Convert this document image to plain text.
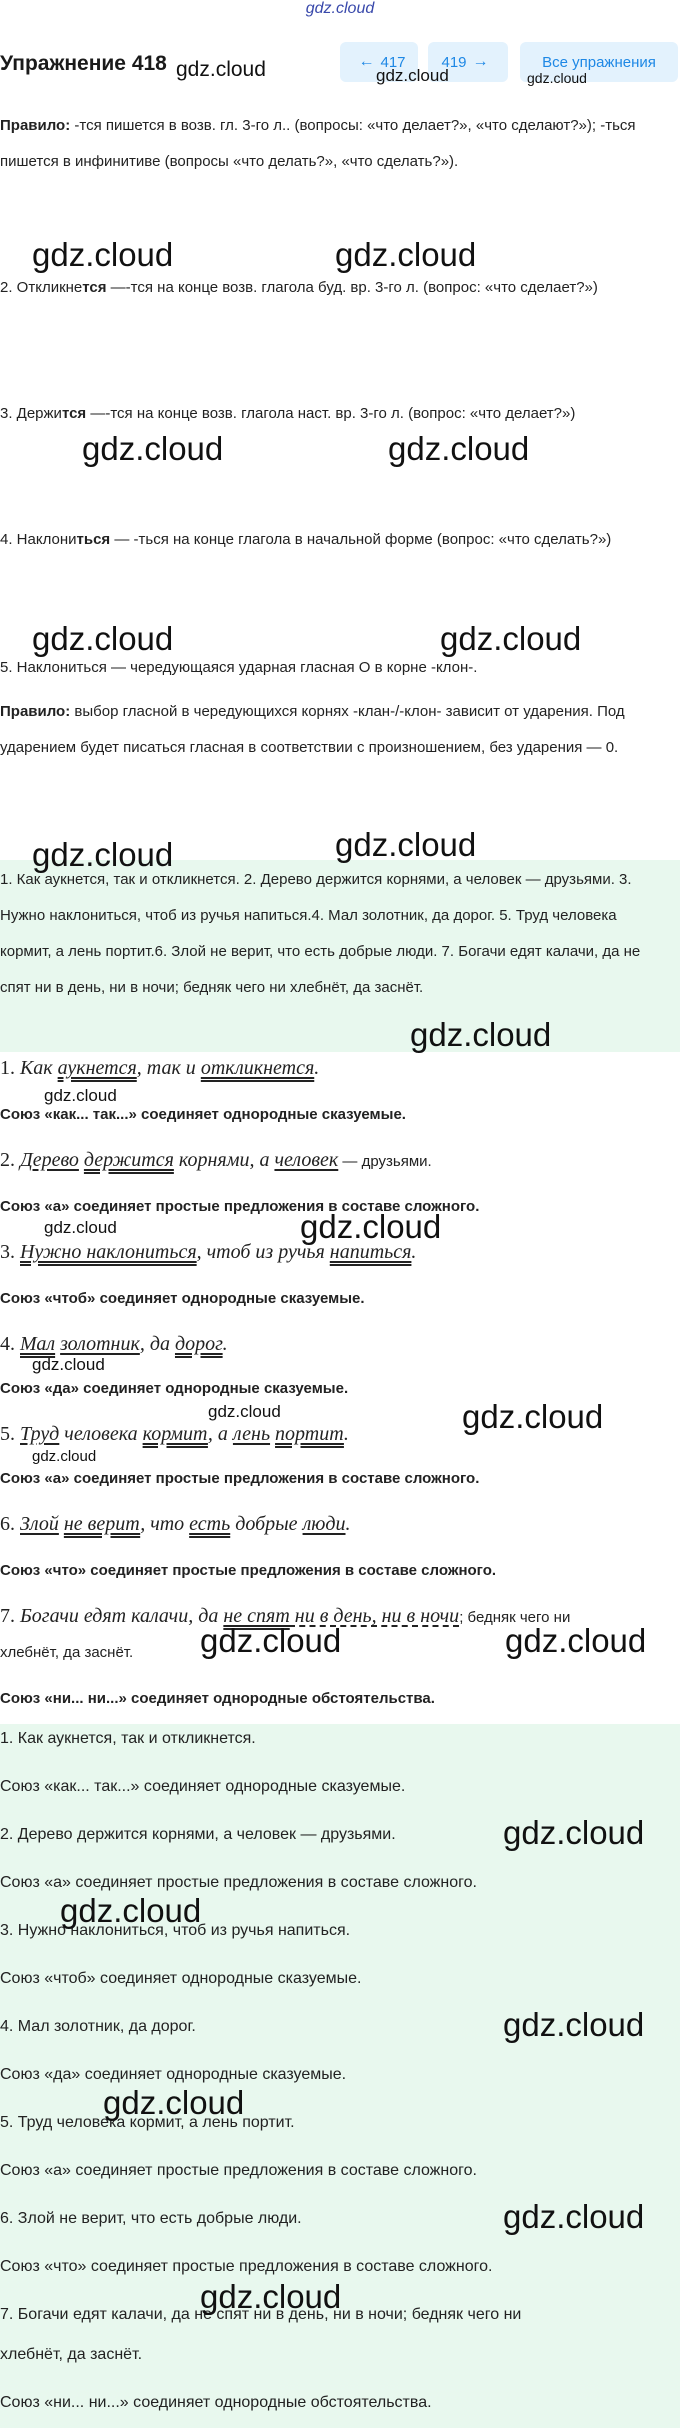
gdz.cloud
Упражнение 418 gdz.cloud	← 417 419 →	Все упражнения
gdz.cloud	gdz.cloud
Правило: -тся пишется в возв. гл. 3-го л.. (вопросы: «что делает?», «что сделают?»); -ться пишется в инфинитиве (вопросы «что делать?», «что сделать?»).
2. Откликнется —-тся на конце возв. глагола буд. вр. 3-го л. (вопрос: «что сделает?»)
3. Держится —-тся на конце возв. глагола наст. вр. 3-го л. (вопрос: «что делает?»)
4. Наклониться — -ться на конце глагола в начальной форме (вопрос: «что сделать?»)
5. Наклониться — чередующаяся ударная гласная О в корне -клон-.
Правило: выбор гласной в чередующихся корнях -клан-/-клон- зависит от ударения. Под ударением будет писаться гласная в соответствии с произношением, без ударения — 0.
gdz.cloud	gdz.cloud
gdz.cloud	gdz.cloud
gdz.cloud	gdz.cloud
1. Как аукнется, так и откликнется. 2. Дерево держится корнями, а человек — друзьями. 3. Нужно наклониться, чтоб из ручья напиться.4. Мал золотник, да дорог. 5. Труд человека кормит, а лень портит.6. Злой не верит, что есть добрые люди. 7. Богачи едят калачи, да не спят ни в день, ни в ночи; бедняк чего ни хлебнёт, да заснёт.
gdz.cloud	gdz.cloud
gdz.cloud
1. Как аукнется, так и откликнется.
gdz.cloud
Союз «как... так...» соединяет однородные сказуемые.
2. Дерево держится корнями, а человек — друзьями.
Союз «а» соединяет простые предложения в составе сложного.
3. Нужно наклониться, чтоб из ручья напиться.
gdz.cloud	gdz.cloud
Союз «чтоб» соединяет однородные сказуемые.
4. Мал золотник, да дорог.
gdz.cloud
Союз «да» соединяет однородные сказуемые.
5. Труд человека кормит, а лень портит.
gdz.cloud	gdz.cloud
gdz.cloud
Союз «а» соединяет простые предложения в составе сложного.
6. Злой не верит, что есть добрые люди.
Союз «что» соединяет простые предложения в составе сложного.
7. Богачи едят калачи, да не спят ни в день, ни в ночи; бедняк чего ни
хлебнёт, да заснёт.	gdz.cloud	gdz.cloud
Союз «ни... ни...» соединяет однородные обстоятельства.
1. Как аукнется, так и откликнется.
Союз «как... так...» соединяет однородные сказуемые.
2. Дерево держится корнями, а человек — друзьями.
Союз «а» соединяет простые предложения в составе сложного.
3. Нужно наклониться, чтоб из ручья напиться.
Союз «чтоб» соединяет однородные сказуемые.
4. Мал золотник, да дорог.
Союз «да» соединяет однородные сказуемые.
5. Труд человека кормит, а лень портит.
Союз «а» соединяет простые предложения в составе сложного.
6. Злой не верит, что есть добрые люди.
Союз «что» соединяет простые предложения в составе сложного.
7. Богачи едят калачи, да не спят ни в день, ни в ночи; бедняк чего ни
хлебнёт, да заснёт.
Союз «ни... ни...» соединяет однородные обстоятельства.
gdz.cloud
gdz.cloud
gdz.cloud
gdz.cloud
gdz.cloud
gdz.cloud
